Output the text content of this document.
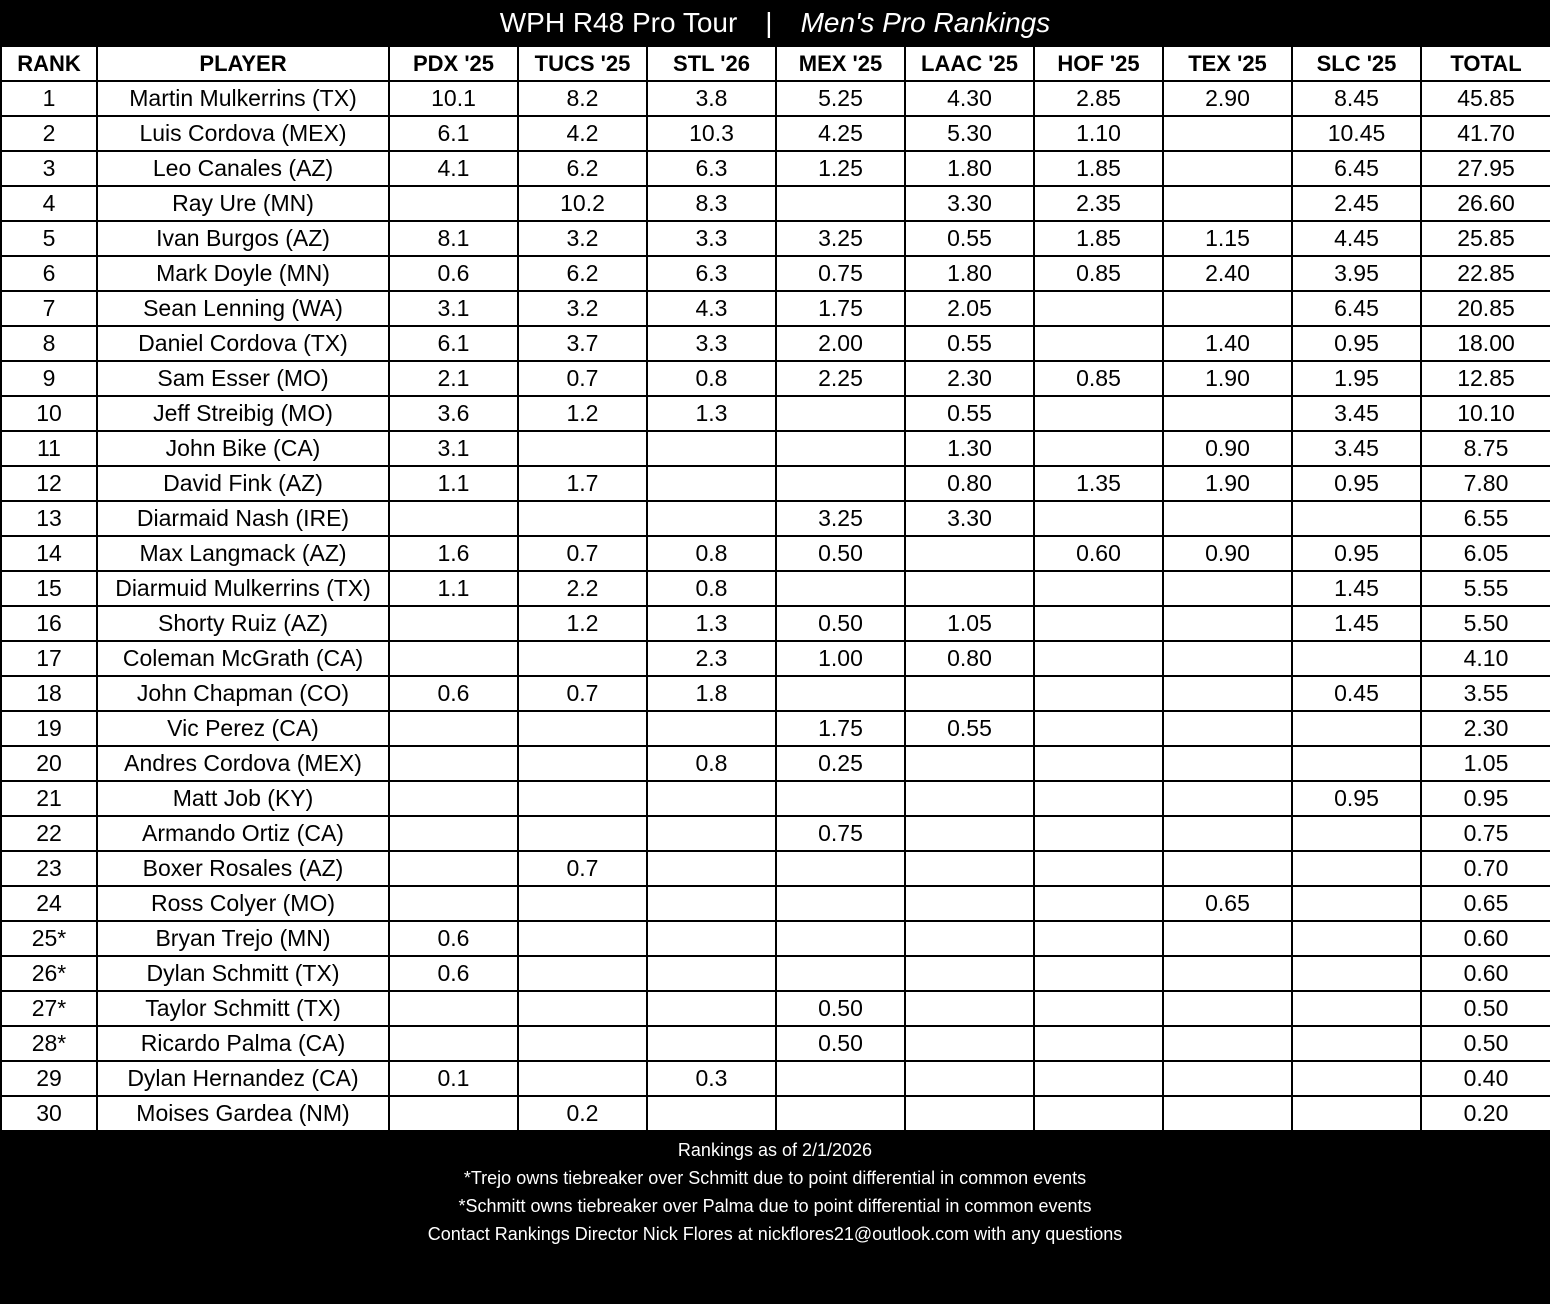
WPH R48 Pro Tour | Men's Pro Rankings
RANK	PLAYER	PDX '25	TUCS '25	STL '26	MEX '25	LAAC '25	HOF '25	TEX '25	SLC '25	TOTAL
1	Martin Mulkerrins (TX)	10.1	8.2	3.8	5.25	4.30	2.85	2.90	8.45	45.85
2	Luis Cordova (MEX)	6.1	4.2	10.3	4.25	5.30	1.10		10.45	41.70
3	Leo Canales (AZ)	4.1	6.2	6.3	1.25	1.80	1.85		6.45	27.95
4	Ray Ure (MN)		10.2	8.3		3.30	2.35		2.45	26.60
5	Ivan Burgos (AZ)	8.1	3.2	3.3	3.25	0.55	1.85	1.15	4.45	25.85
6	Mark Doyle (MN)	0.6	6.2	6.3	0.75	1.80	0.85	2.40	3.95	22.85
7	Sean Lenning (WA)	3.1	3.2	4.3	1.75	2.05			6.45	20.85
8	Daniel Cordova (TX)	6.1	3.7	3.3	2.00	0.55		1.40	0.95	18.00
9	Sam Esser (MO)	2.1	0.7	0.8	2.25	2.30	0.85	1.90	1.95	12.85
10	Jeff Streibig (MO)	3.6	1.2	1.3		0.55			3.45	10.10
11	John Bike (CA)	3.1				1.30		0.90	3.45	8.75
12	David Fink (AZ)	1.1	1.7			0.80	1.35	1.90	0.95	7.80
13	Diarmaid Nash (IRE)				3.25	3.30				6.55
14	Max Langmack (AZ)	1.6	0.7	0.8	0.50		0.60	0.90	0.95	6.05
15	Diarmuid Mulkerrins (TX)	1.1	2.2	0.8					1.45	5.55
16	Shorty Ruiz (AZ)		1.2	1.3	0.50	1.05			1.45	5.50
17	Coleman McGrath (CA)			2.3	1.00	0.80				4.10
18	John Chapman (CO)	0.6	0.7	1.8					0.45	3.55
19	Vic Perez (CA)				1.75	0.55				2.30
20	Andres Cordova (MEX)			0.8	0.25					1.05
21	Matt Job (KY)								0.95	0.95
22	Armando Ortiz (CA)				0.75					0.75
23	Boxer Rosales (AZ)		0.7							0.70
24	Ross Colyer (MO)							0.65		0.65
25*	Bryan Trejo (MN)	0.6								0.60
26*	Dylan Schmitt (TX)	0.6								0.60
27*	Taylor Schmitt (TX)				0.50					0.50
28*	Ricardo Palma (CA)				0.50					0.50
29	Dylan Hernandez (CA)	0.1		0.3						0.40
30	Moises Gardea (NM)		0.2							0.20
Rankings as of 2/1/2026
*Trejo owns tiebreaker over Schmitt due to point differential in common events
*Schmitt owns tiebreaker over Palma due to point differential in common events
Contact Rankings Director Nick Flores at nickflores21@outlook.com with any questions
